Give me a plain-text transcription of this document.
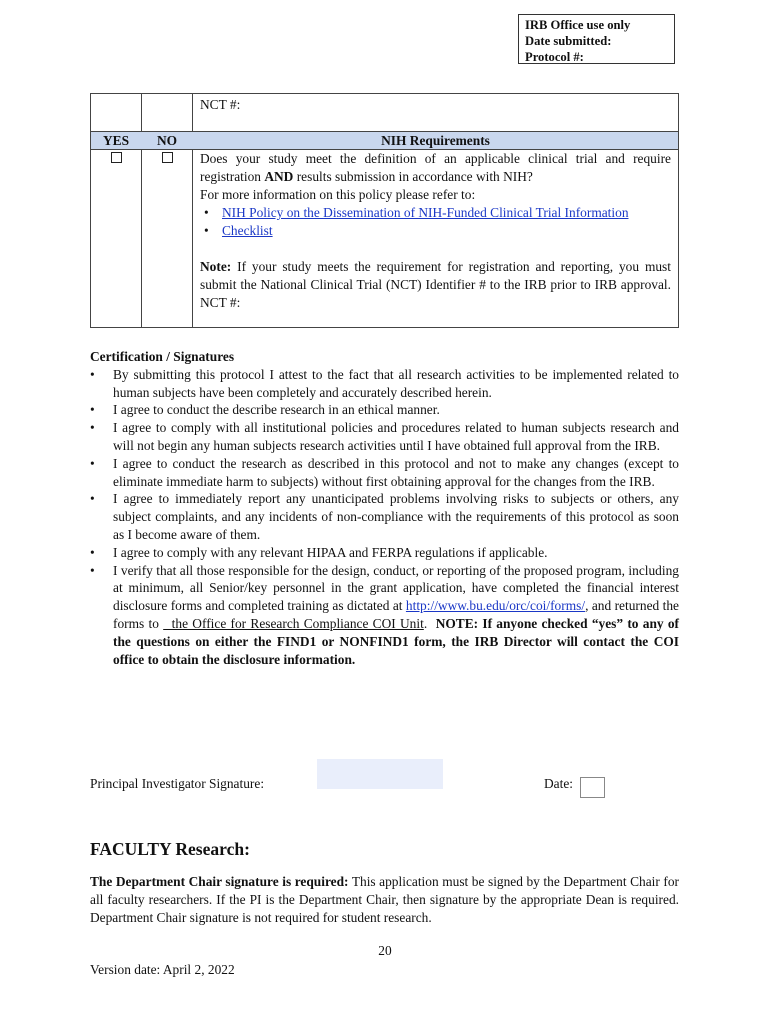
IRB Office use only
Date submitted:
Protocol #:
NCT #:
YES	NO	NIH Requirements
Does your study meet the definition of an applicable clinical trial and require registration AND results submission in accordance with NIH?
For more information on this policy please refer to:
• NIH Policy on the Dissemination of NIH-Funded Clinical Trial Information
• Checklist
Note: If your study meets the requirement for registration and reporting, you must submit the National Clinical Trial (NCT) Identifier # to the IRB prior to IRB approval. NCT #:
Certification / Signatures
• By submitting this protocol I attest to the fact that all research activities to be implemented related to human subjects have been completely and accurately described herein.
• I agree to conduct the describe research in an ethical manner.
• I agree to comply with all institutional policies and procedures related to human subjects research and will not begin any human subjects research activities until I have obtained full approval from the IRB.
• I agree to conduct the research as described in this protocol and not to make any changes (except to eliminate immediate harm to subjects) without first obtaining approval for the changes from the IRB.
• I agree to immediately report any unanticipated problems involving risks to subjects or others, any subject complaints, and any incidents of non-compliance with the requirements of this protocol as soon as I become aware of them.
• I agree to comply with any relevant HIPAA and FERPA regulations if applicable.
• I verify that all those responsible for the design, conduct, or reporting of the proposed program, including at minimum, all Senior/key personnel in the grant application, have completed the financial interest disclosure forms and completed training as dictated at http://www.bu.edu/orc/coi/forms/, and returned the forms to   the Office for Research Compliance COI Unit.  NOTE: If anyone checked “yes” to any of the questions on either the FIND1 or NONFIND1 form, the IRB Director will contact the COI office to obtain the disclosure information.
Principal Investigator Signature:	Date:
FACULTY Research:
The Department Chair signature is required: This application must be signed by the Department Chair for all faculty researchers. If the PI is the Department Chair, then signature by the appropriate Dean is required. Department Chair signature is not required for student research.
20
Version date: April 2, 2022
